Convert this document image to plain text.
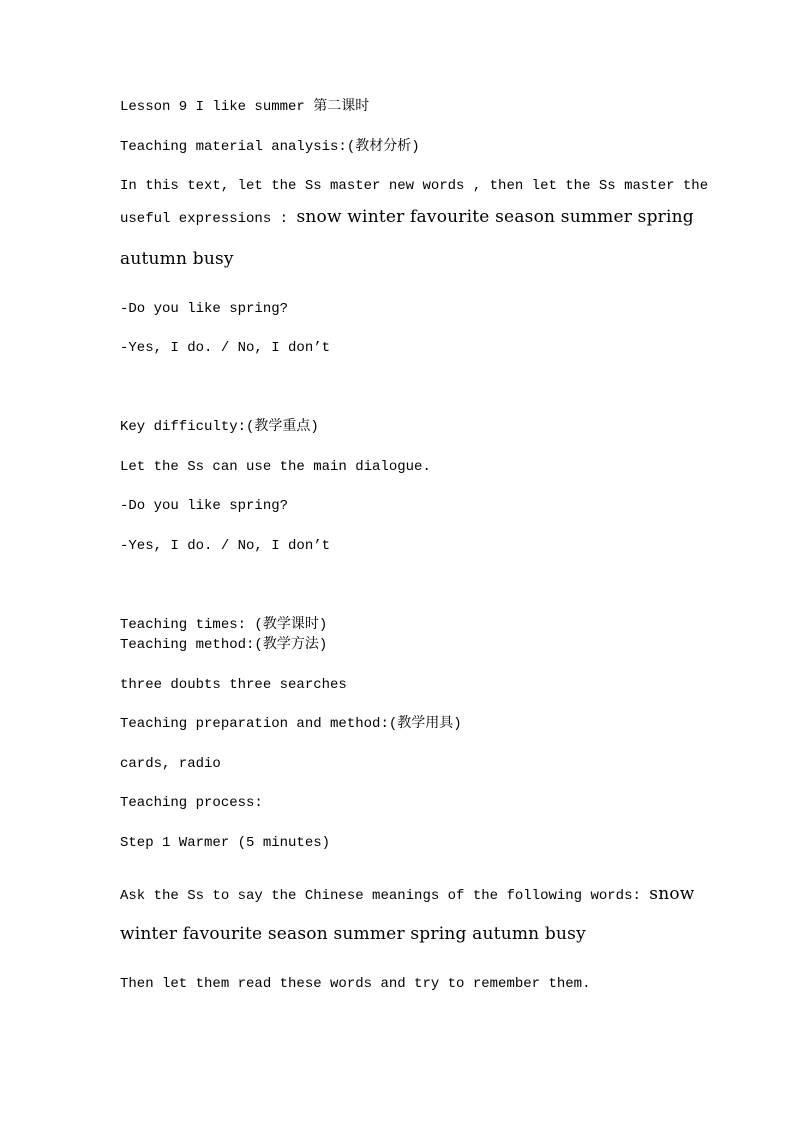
Lesson 9 I like summer 第二课时
Teaching material analysis:(教材分析)
In this text, let the Ss master new words , then let the Ss master the
useful expressions : snow winter favourite season summer spring
autumn busy
-Do you like spring?
-Yes, I do. / No, I don’t
Key difficulty:(教学重点)
Let the Ss can use the main dialogue.
-Do you like spring?
-Yes, I do. / No, I don’t
Teaching times: (教学课时)
Teaching method:(教学方法)
three doubts three searches
Teaching preparation and method:(教学用具)
cards, radio
Teaching process:
Step 1 Warmer (5 minutes)
Ask the Ss to say the Chinese meanings of the following words: snow
winter favourite season summer spring autumn busy
Then let them read these words and try to remember them.
